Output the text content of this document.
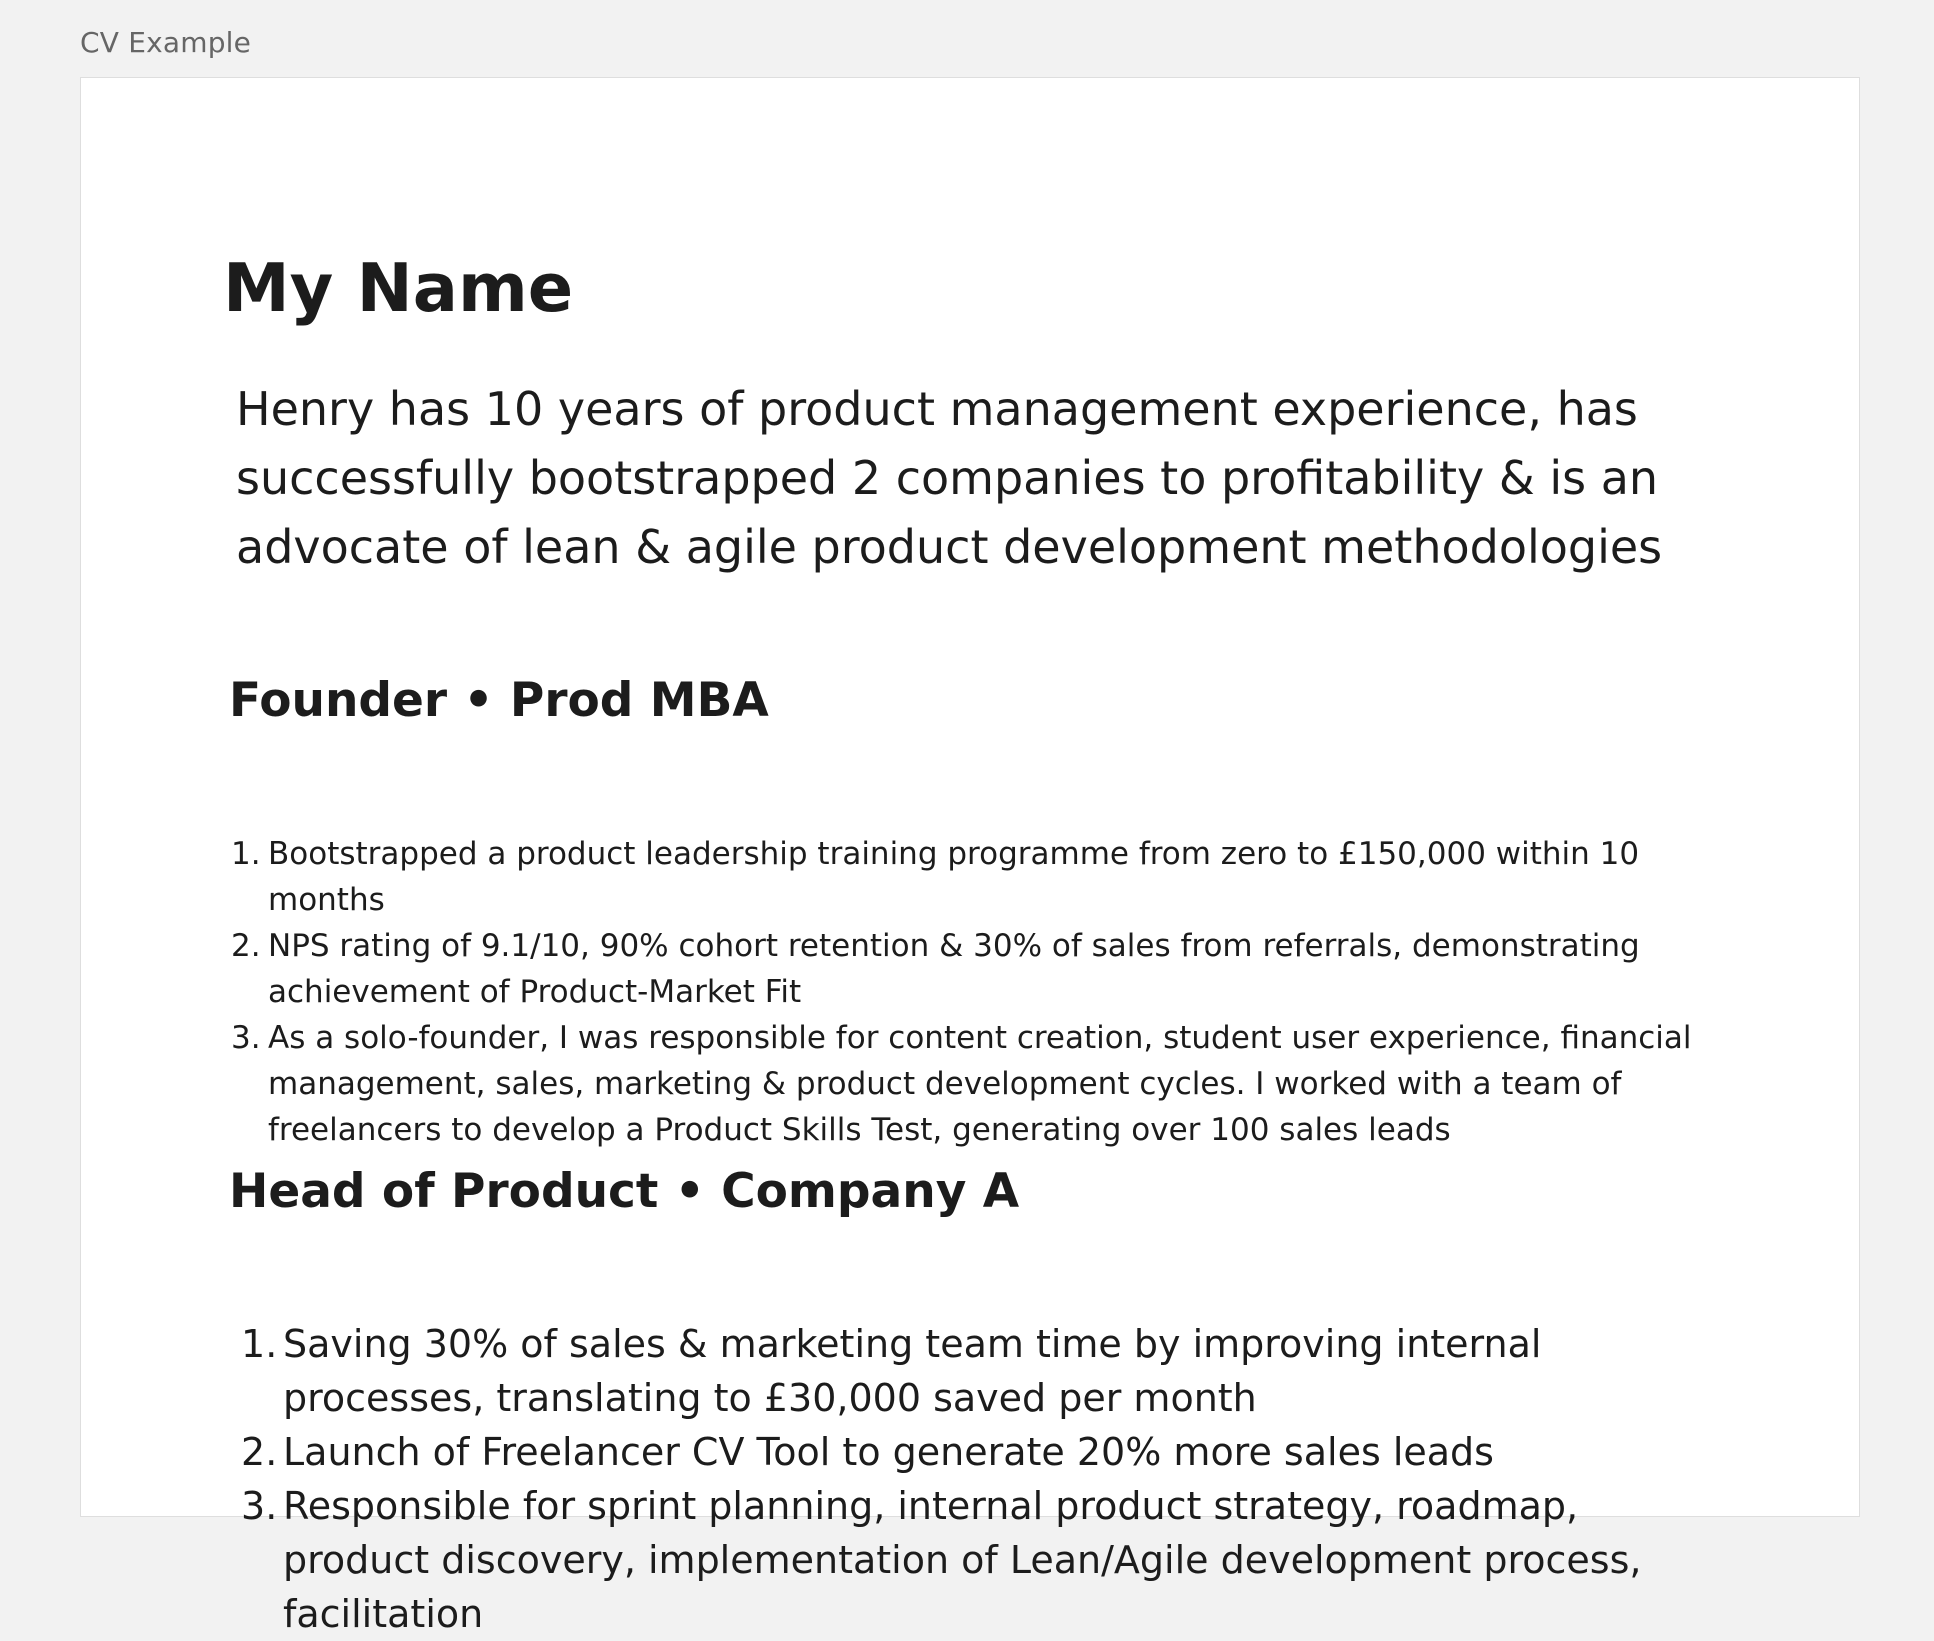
CV Example
My Name

Henry has 10 years of product management experience, has successfully bootstrapped 2 companies to profitability & is an advocate of lean & agile product development methodologies

Founder • Prod MBA
Bootstrapped a product leadership training programme from zero to £150,000 within 10 months
NPS rating of 9.1/10, 90% cohort retention & 30% of sales from referrals, demonstrating achievement of Product-Market Fit
As a solo-founder, I was responsible for content creation, student user experience, financial management, sales, marketing & product development cycles. I worked with a team of freelancers to develop a Product Skills Test, generating over 100 sales leads
Head of Product • Company A
Saving 30% of sales & marketing team time by improving internal processes, translating to £30,000 saved per month
Launch of Freelancer CV Tool to generate 20% more sales leads
Responsible for sprint planning, internal product strategy, roadmap, product discovery, implementation of Lean/Agile development process, facilitation
